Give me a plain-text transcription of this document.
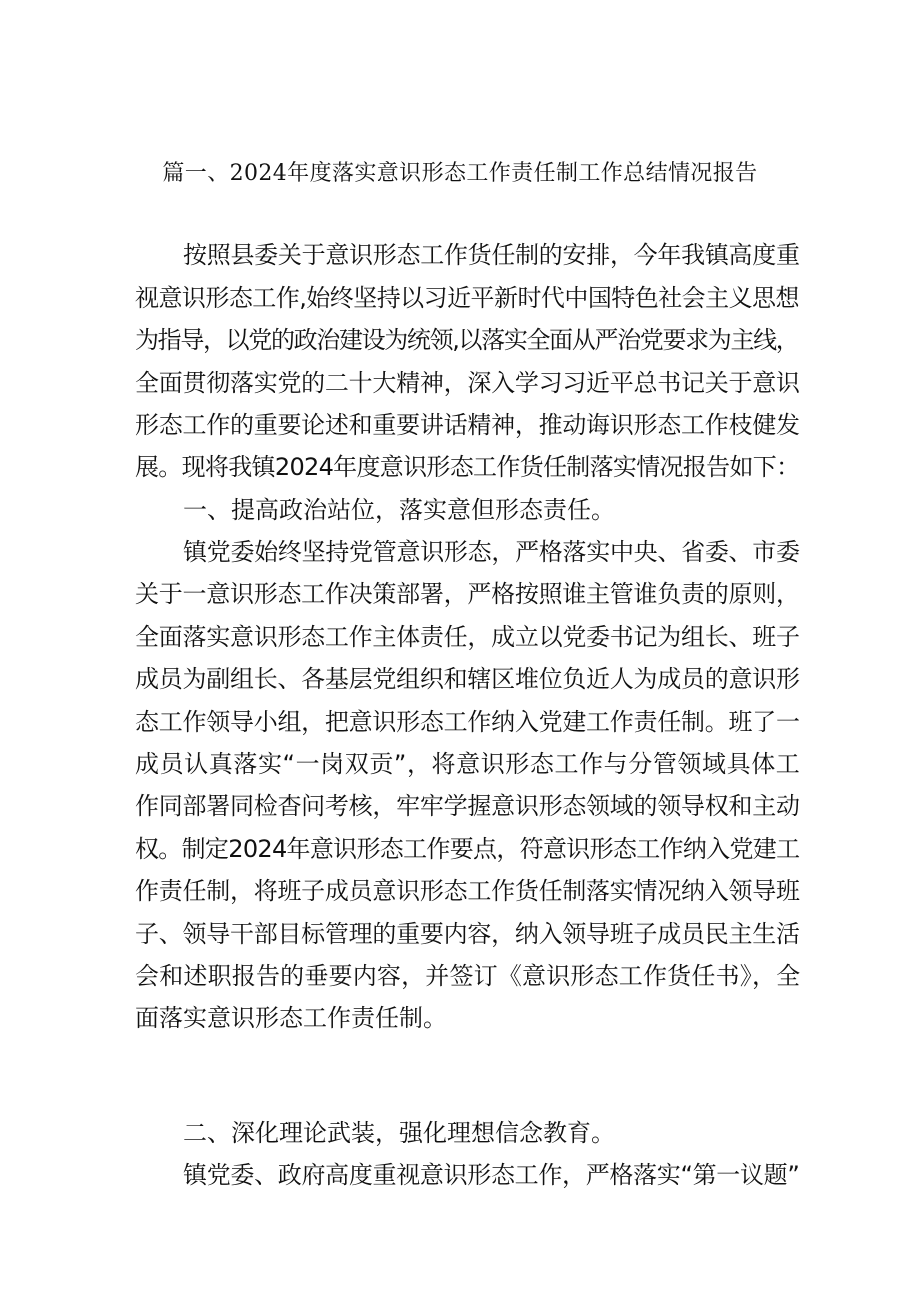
篇一、2024年度落实意识形态工作责任制工作总结情况报告
按照县委关于意识形态工作货任制的安排，今年我镇高度重
视意识形态工作,始终坚持以习近平新时代中国特色社会主义思想
为指导，以党的政治建设为统领,以落实全面从严治党要求为主线，
全面贯彻落实党的二十大精神，深入学习习近平总书记关于意识
形态工作的重要论述和重要讲话精神，推动诲识形态工作枝健发
展。现将我镇2024年度意识形态工作货任制落实情况报告如下：
一、提高政治站位，落实意但形态责任。
镇党委始终坚持党管意识形态，严格落实中央、省委、市委
关于一意识形态工作决策部署，严格按照谁主管谁负责的原则，
全面落实意识形态工作主体责任，成立以党委书记为组长、班子
成员为副组长、各基层党组织和辖区堆位负近人为成员的意识形
态工作领导小组，把意识形态工作纳入党建工作责任制。班了一
成员认真落实“一岗双贡”，将意识形态工作与分管领域具体工
作同部署同检杳问考核，牢牢学握意识形态领域的领导权和主动
权。制定2024年意识形态工作要点，符意识形态工作纳入党建工
作责任制，将班子成员意识形态工作货任制落实情况纳入领导班
子、领导干部目标管理的重要内容，纳入领导班子成员民主生活
会和述职报告的垂要内容，并签订《意识形态工作货任书》，全
面落实意识形态工作责任制。
二、深化理论武装，强化理想信念教育。
镇党委、政府高度重视意识形态工作，严格落实“第一议题”
